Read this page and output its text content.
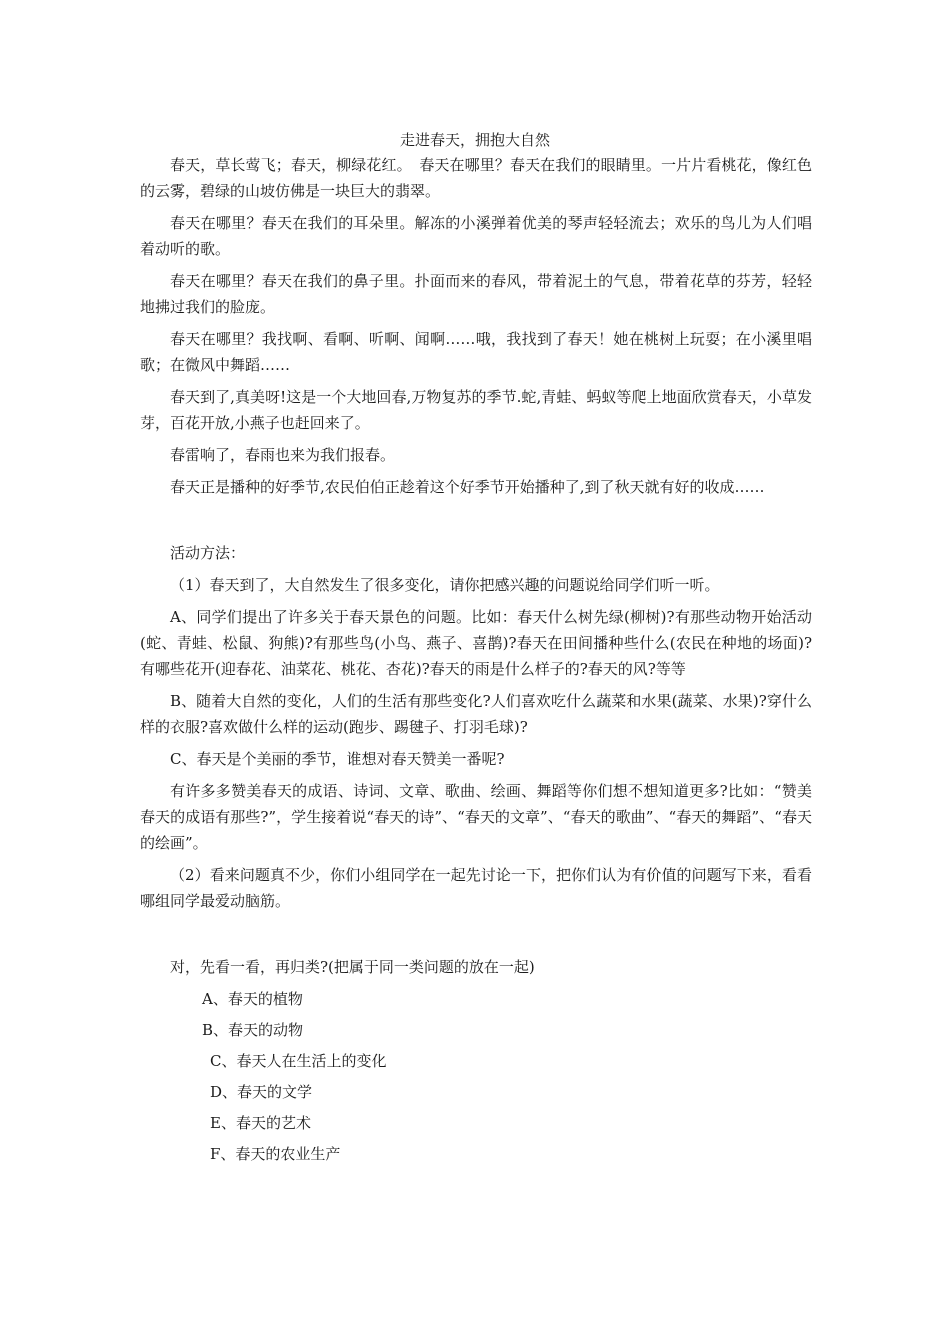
走进春天，拥抱大自然

春天，草长莺飞；春天，柳绿花红。　春天在哪里？春天在我们的眼睛里。一片片看桃花，像红色的云雾，碧绿的山坡仿佛是一块巨大的翡翠。

春天在哪里？春天在我们的耳朵里。解冻的小溪弹着优美的琴声轻轻流去；欢乐的鸟儿为人们唱着动听的歌。

春天在哪里？春天在我们的鼻子里。扑面而来的春风，带着泥土的气息，带着花草的芬芳，轻轻地拂过我们的脸庞。

春天在哪里？我找啊、看啊、听啊、闻啊……哦，我找到了春天！她在桃树上玩耍；在小溪里唱歌；在微风中舞蹈……

春天到了,真美呀!这是一个大地回春,万物复苏的季节.蛇,青蛙、蚂蚁等爬上地面欣赏春天，小草发芽，百花开放,小燕子也赶回来了。

春雷响了，春雨也来为我们报春。

春天正是播种的好季节,农民伯伯正趁着这个好季节开始播种了,到了秋天就有好的收成……

活动方法：

（1）春天到了，大自然发生了很多变化，请你把感兴趣的问题说给同学们听一听。

A、同学们提出了许多关于春天景色的问题。比如：春天什么树先绿(柳树)?有那些动物开始活动(蛇、青蛙、松鼠、狗熊)?有那些鸟(小鸟、燕子、喜鹊)?春天在田间播种些什么(农民在种地的场面)?有哪些花开(迎春花、油菜花、桃花、杏花)?春天的雨是什么样子的?春天的风?等等

B、随着大自然的变化，人们的生活有那些变化?人们喜欢吃什么蔬菜和水果(蔬菜、水果)?穿什么样的衣服?喜欢做什么样的运动(跑步、踢毽子、打羽毛球)?

C、春天是个美丽的季节，谁想对春天赞美一番呢?

有许多多赞美春天的成语、诗词、文章、歌曲、绘画、舞蹈等你们想不想知道更多?比如：“赞美春天的成语有那些?”，学生接着说“春天的诗”、“春天的文章”、“春天的歌曲”、“春天的舞蹈”、“春天的绘画”。

（2）看来问题真不少，你们小组同学在一起先讨论一下，把你们认为有价值的问题写下来，看看哪组同学最爱动脑筋。

对，先看一看，再归类?(把属于同一类问题的放在一起)

A、春天的植物
B、春天的动物
C、春天人在生活上的变化
D、春天的文学
E、春天的艺术
F、春天的农业生产
